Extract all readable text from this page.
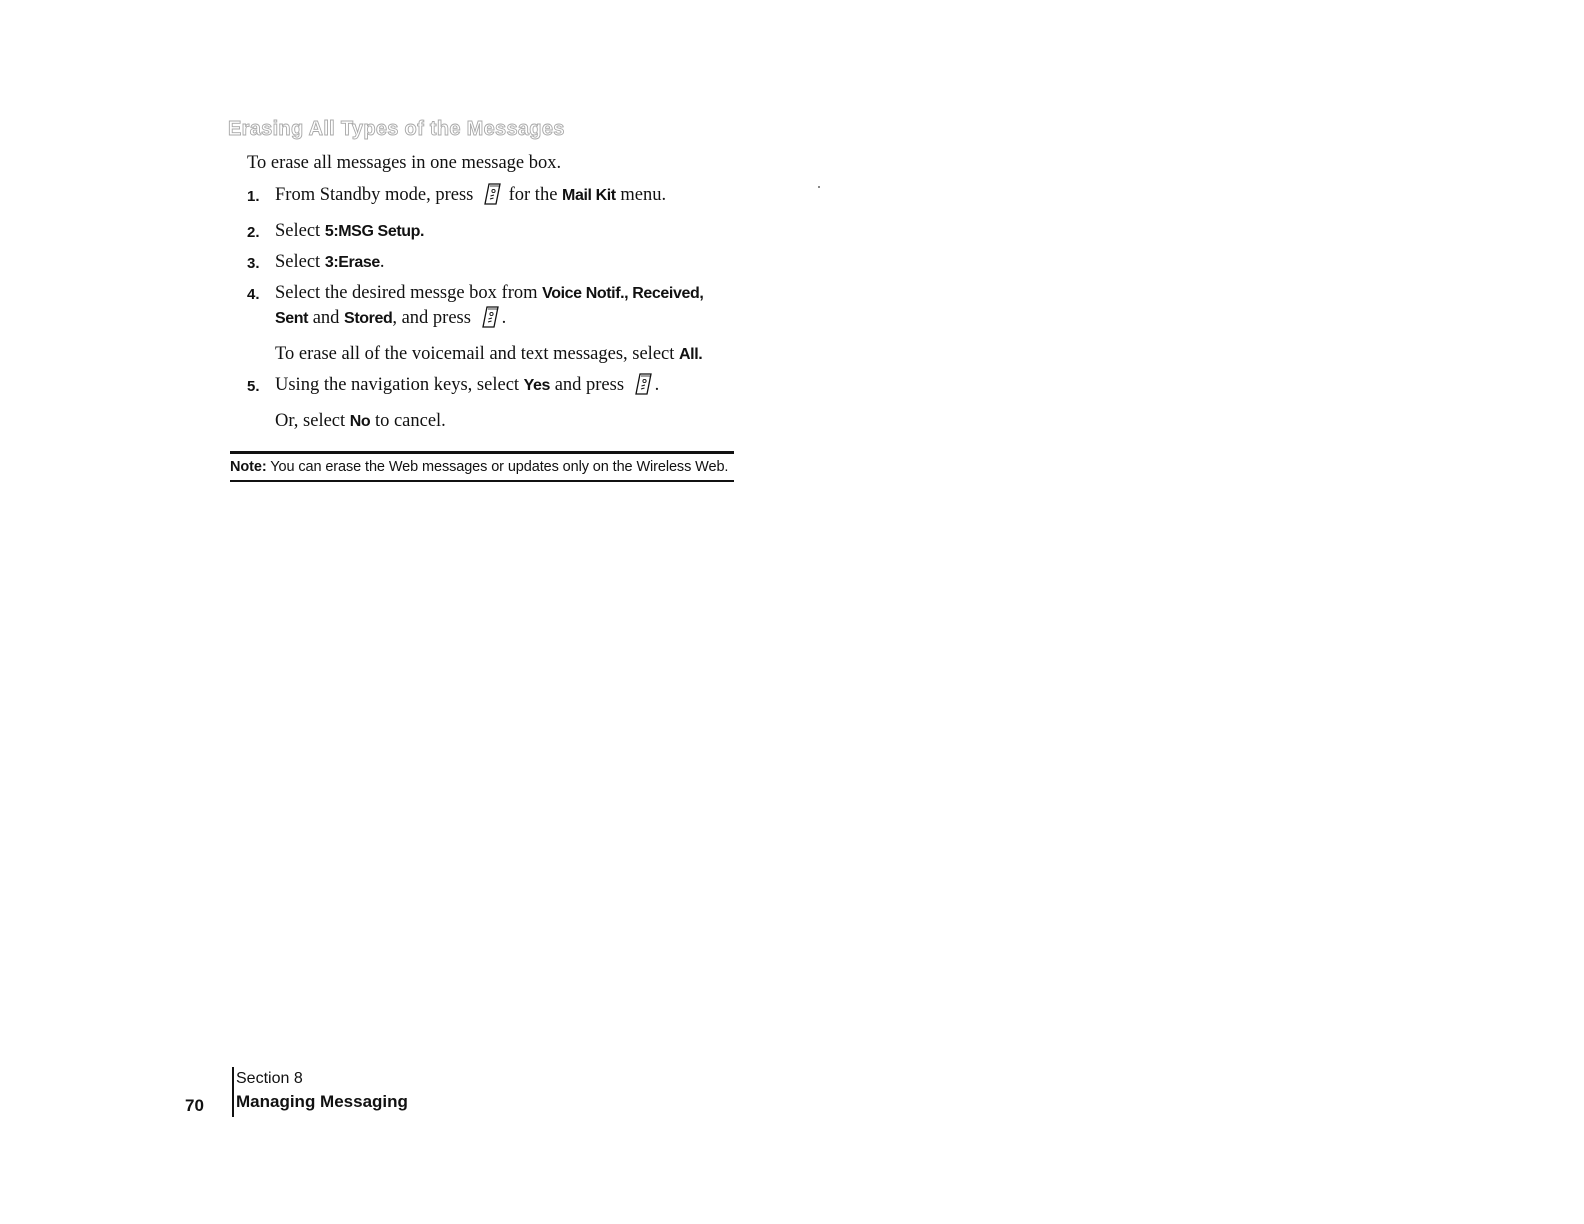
Erasing All Types of the Messages

To erase all messages in one message box.

1. From Standby mode, press for the Mail Kit menu.
2. Select 5:MSG Setup.
3. Select 3:Erase.
4. Select the desired messge box from Voice Notif., Received, Sent and Stored, and press .
To erase all of the voicemail and text messages, select All.
5. Using the navigation keys, select Yes and press .
Or, select No to cancel.
Note: You can erase the Web messages or updates only on the Wireless Web.
70
Section 8
Managing Messaging
